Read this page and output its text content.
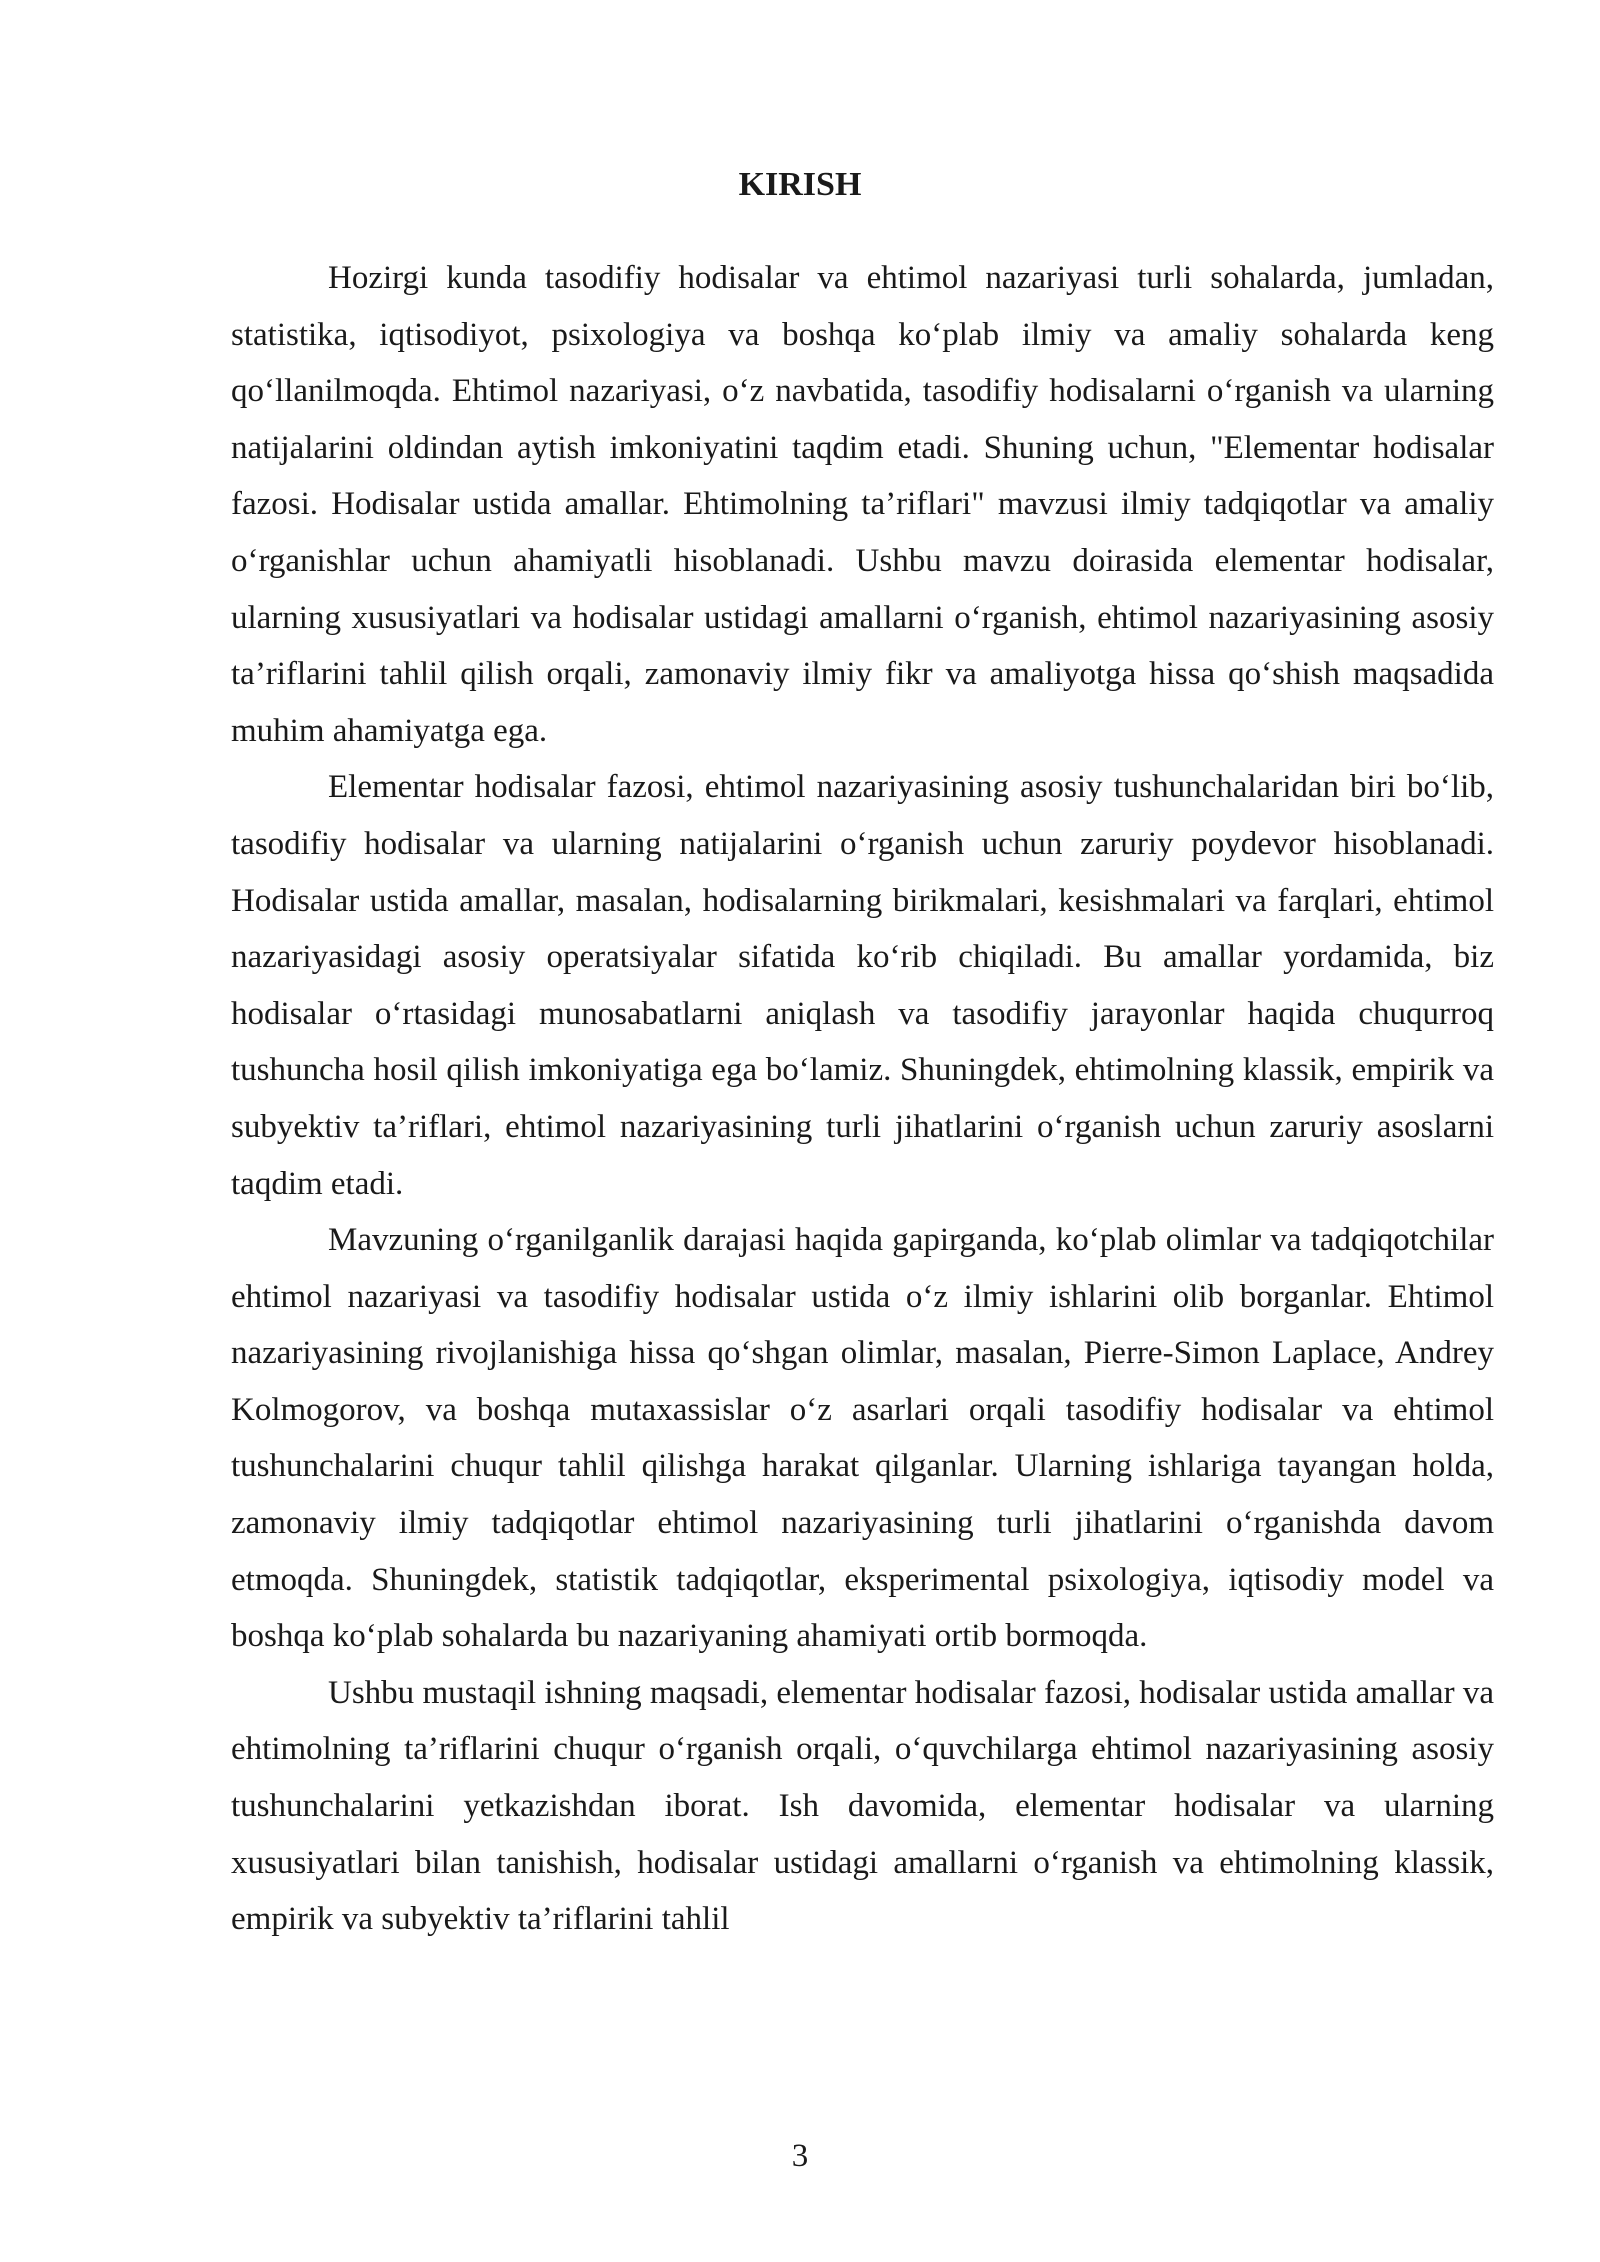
KIRISH

Hozirgi kunda tasodifiy hodisalar va ehtimol nazariyasi turli sohalarda, jumladan, statistika, iqtisodiyot, psixologiya va boshqa ko‘plab ilmiy va amaliy sohalarda keng qo‘llanilmoqda. Ehtimol nazariyasi, o‘z navbatida, tasodifiy hodisalarni o‘rganish va ularning natijalarini oldindan aytish imkoniyatini taqdim etadi. Shuning uchun, "Elementar hodisalar fazosi. Hodisalar ustida amallar. Ehtimolning ta’riflari" mavzusi ilmiy tadqiqotlar va amaliy o‘rganishlar uchun ahamiyatli hisoblanadi. Ushbu mavzu doirasida elementar hodisalar, ularning xususiyatlari va hodisalar ustidagi amallarni o‘rganish, ehtimol nazariyasining asosiy ta’riflarini tahlil qilish orqali, zamonaviy ilmiy fikr va amaliyotga hissa qo‘shish maqsadida muhim ahamiyatga ega.

Elementar hodisalar fazosi, ehtimol nazariyasining asosiy tushunchalaridan biri bo‘lib, tasodifiy hodisalar va ularning natijalarini o‘rganish uchun zaruriy poydevor hisoblanadi. Hodisalar ustida amallar, masalan, hodisalarning birikmalari, kesishmalari va farqlari, ehtimol nazariyasidagi asosiy operatsiyalar sifatida ko‘rib chiqiladi. Bu amallar yordamida, biz hodisalar o‘rtasidagi munosabatlarni aniqlash va tasodifiy jarayonlar haqida chuqurroq tushuncha hosil qilish imkoniyatiga ega bo‘lamiz. Shuningdek, ehtimolning klassik, empirik va subyektiv ta’riflari, ehtimol nazariyasining turli jihatlarini o‘rganish uchun zaruriy asoslarni taqdim etadi.

Mavzuning o‘rganilganlik darajasi haqida gapirganda, ko‘plab olimlar va tadqiqotchilar ehtimol nazariyasi va tasodifiy hodisalar ustida o‘z ilmiy ishlarini olib borganlar. Ehtimol nazariyasining rivojlanishiga hissa qo‘shgan olimlar, masalan, Pierre-Simon Laplace, Andrey Kolmogorov, va boshqa mutaxassislar o‘z asarlari orqali tasodifiy hodisalar va ehtimol tushunchalarini chuqur tahlil qilishga harakat qilganlar. Ularning ishlariga tayangan holda, zamonaviy ilmiy tadqiqotlar ehtimol nazariyasining turli jihatlarini o‘rganishda davom etmoqda. Shuningdek, statistik tadqiqotlar, eksperimental psixologiya, iqtisodiy model va boshqa ko‘plab sohalarda bu nazariyaning ahamiyati ortib bormoqda.

Ushbu mustaqil ishning maqsadi, elementar hodisalar fazosi, hodisalar ustida amallar va ehtimolning ta’riflarini chuqur o‘rganish orqali, o‘quvchilarga ehtimol nazariyasining asosiy tushunchalarini yetkazishdan iborat. Ish davomida, elementar hodisalar va ularning xususiyatlari bilan tanishish, hodisalar ustidagi amallarni o‘rganish va ehtimolning klassik, empirik va subyektiv ta’riflarini tahlil

3
